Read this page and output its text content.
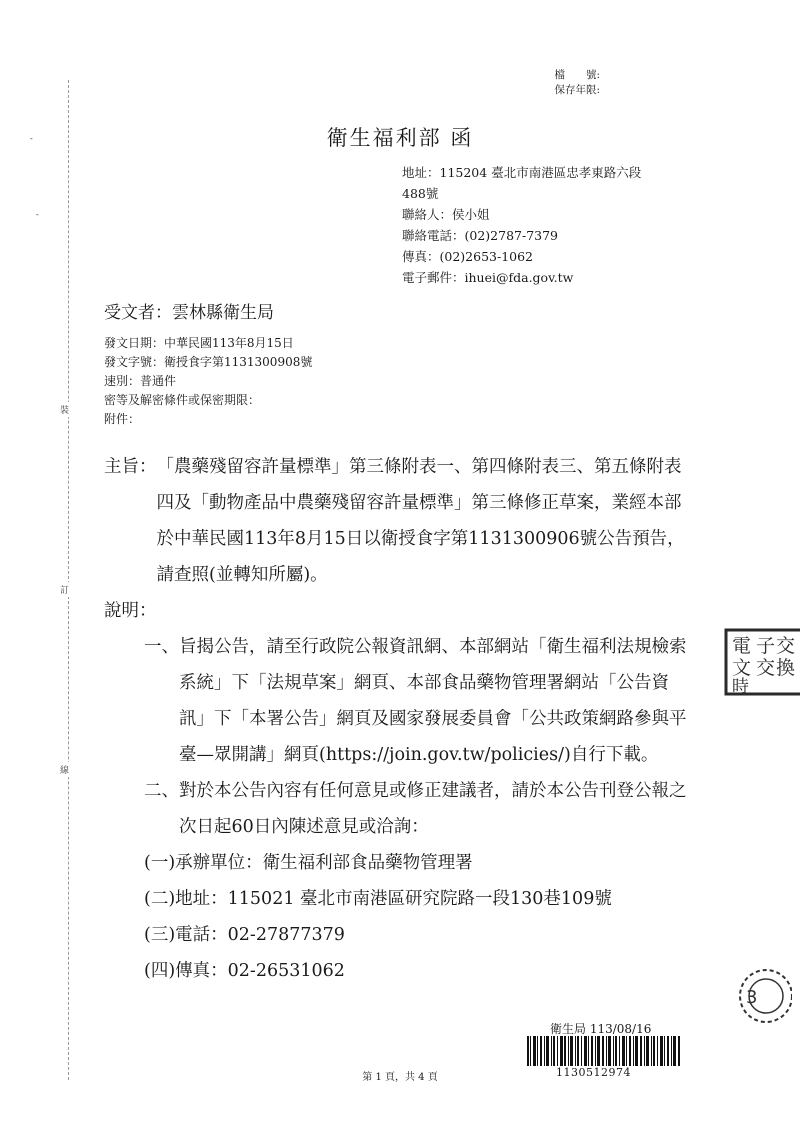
裝
訂
線
-
-
檔　　號:
保存年限:
衛生福利部 函
地址：115204 臺北市南港區忠孝東路六段
488號
聯絡人：侯小姐
聯絡電話：(02)2787-7379
傳真：(02)2653-1062
電子郵件：ihuei@fda.gov.tw
受文者：雲林縣衛生局
發文日期：中華民國113年8月15日
發文字號：衛授食字第1131300908號
速別：普通件
密等及解密條件或保密期限：
附件：
主旨： 「農藥殘留容許量標準」第三條附表一、第四條附表三、第五條附表四及「動物產品中農藥殘留容許量標準」第三條修正草案，業經本部於中華民國113年8月15日以衛授食字第1131300906號公告預告，請查照(並轉知所屬)。
說明：
一、 旨揭公告，請至行政院公報資訊網、本部網站「衛生福利法規檢索系統」下「法規草案」網頁、本部食品藥物管理署網站「公告資訊」下「本署公告」網頁及國家發展委員會「公共政策網路參與平臺—眾開講」網頁(https://join.gov.tw/policies/)自行下載。
二、 對於本公告內容有任何意見或修正建議者，請於本公告刊登公報之次日起60日內陳述意見或洽詢：
(一)承辦單位：衛生福利部食品藥物管理署
(二)地址：115021 臺北市南港區研究院路一段130巷109號
(三)電話：02-27877379
(四)傳真：02-26531062
電
文
時
子
交
交
換
3
衛生局 113/08/16
1130512974
第 1 頁，共 4 頁
